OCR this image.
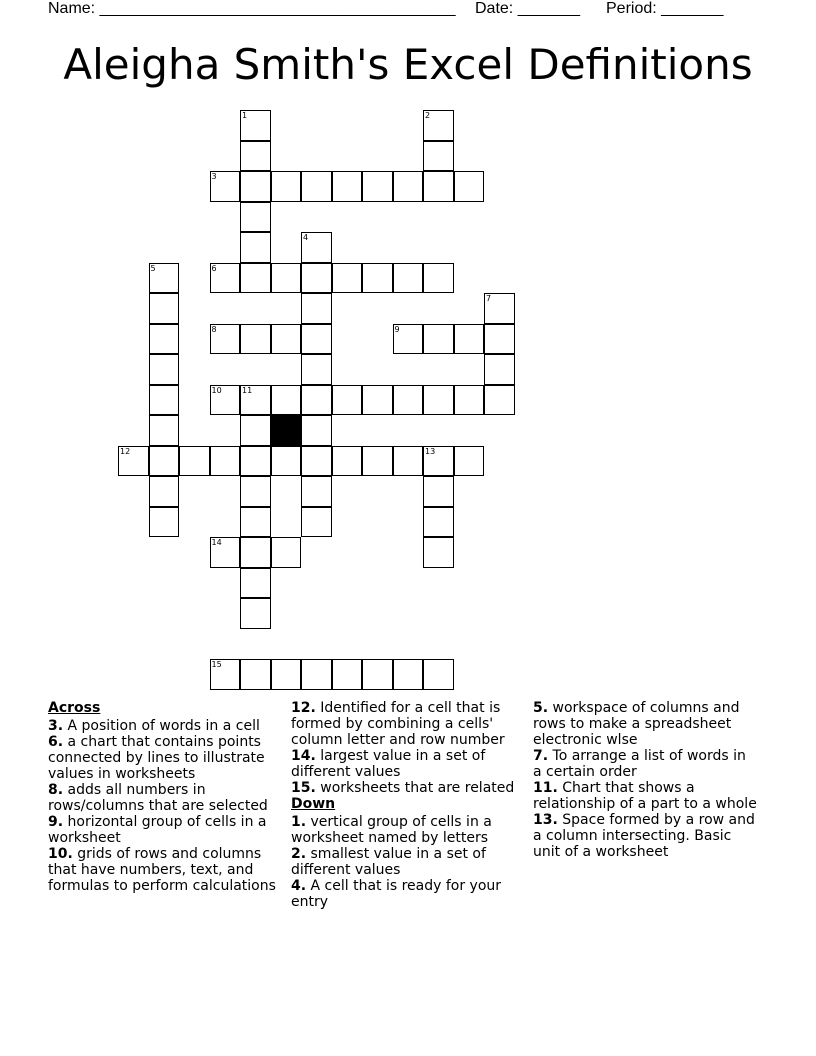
Name: ________________________________________ Date: _______ Period: _______
Aleigha Smith's Excel Definitions
1	2
3
4
5	6
7
8	9
10	11
12	13
14
15
Across
3. A position of words in a cell
6. a chart that contains points connected by lines to illustrate values in worksheets
8. adds all numbers in rows/columns that are selected
9. horizontal group of cells in a worksheet
10. grids of rows and columns that have numbers, text, and formulas to perform calculations
12. Identified for a cell that is formed by combining a cells' column letter and row number
14. largest value in a set of different values
15. worksheets that are related
Down
1. vertical group of cells in a worksheet named by letters
2. smallest value in a set of different values
4. A cell that is ready for your entry
5. workspace of columns and rows to make a spreadsheet electronic wlse
7. To arrange a list of words in a certain order
11. Chart that shows a relationship of a part to a whole
13. Space formed by a row and a column intersecting. Basic unit of a worksheet
